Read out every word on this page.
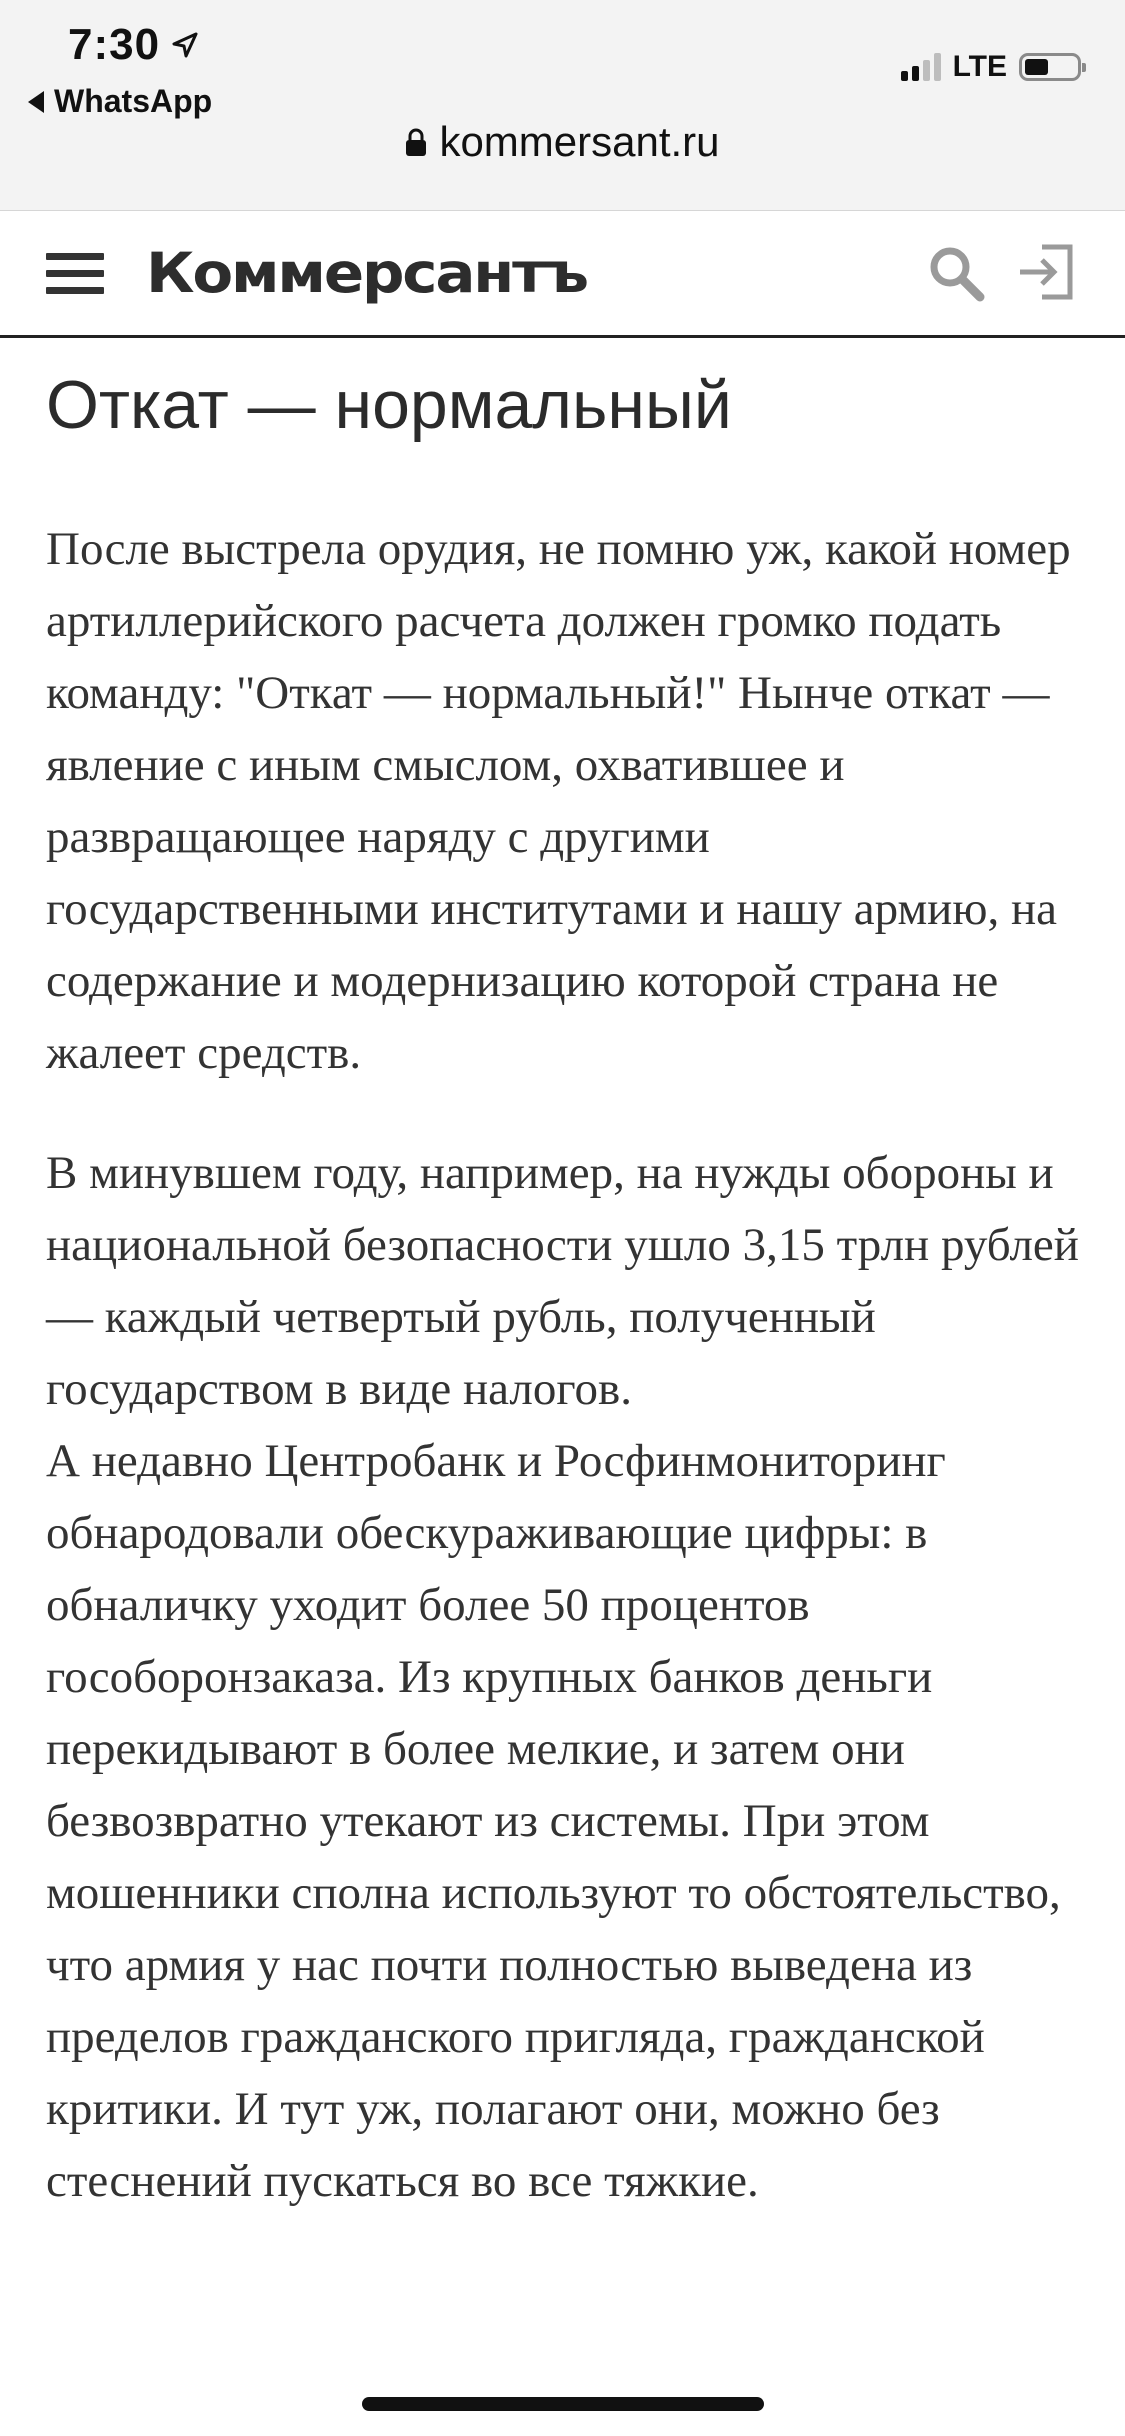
7:30
WhatsApp
LTE
kommersant.ru
Коммерсантъ
Откат — нормальный

После выстрела орудия, не помню уж, какой номер артиллерийского расчета должен громко подать команду: "Откат — нормальный!" Нынче откат — явление с иным смыслом, охватившее и развращающее наряду с другими государственными институтами и нашу армию, на содержание и модернизацию которой страна не жалеет средств.

В минувшем году, например, на нужды обороны и национальной безопасности ушло 3,15 трлн рублей — каждый четвертый рубль, полученный государством в виде налогов.

А недавно Центробанк и Росфинмониторинг обнародовали обескураживающие цифры: в обналичку уходит более 50 процентов гособоронзаказа. Из крупных банков деньги перекидывают в более мелкие, и затем они безвозвратно утекают из системы. При этом мошенники сполна используют то обстоятельство, что армия у нас почти полностью выведена из пределов гражданского пригляда, гражданской критики. И тут уж, полагают они, можно без стеснений пускаться во все тяжкие.
